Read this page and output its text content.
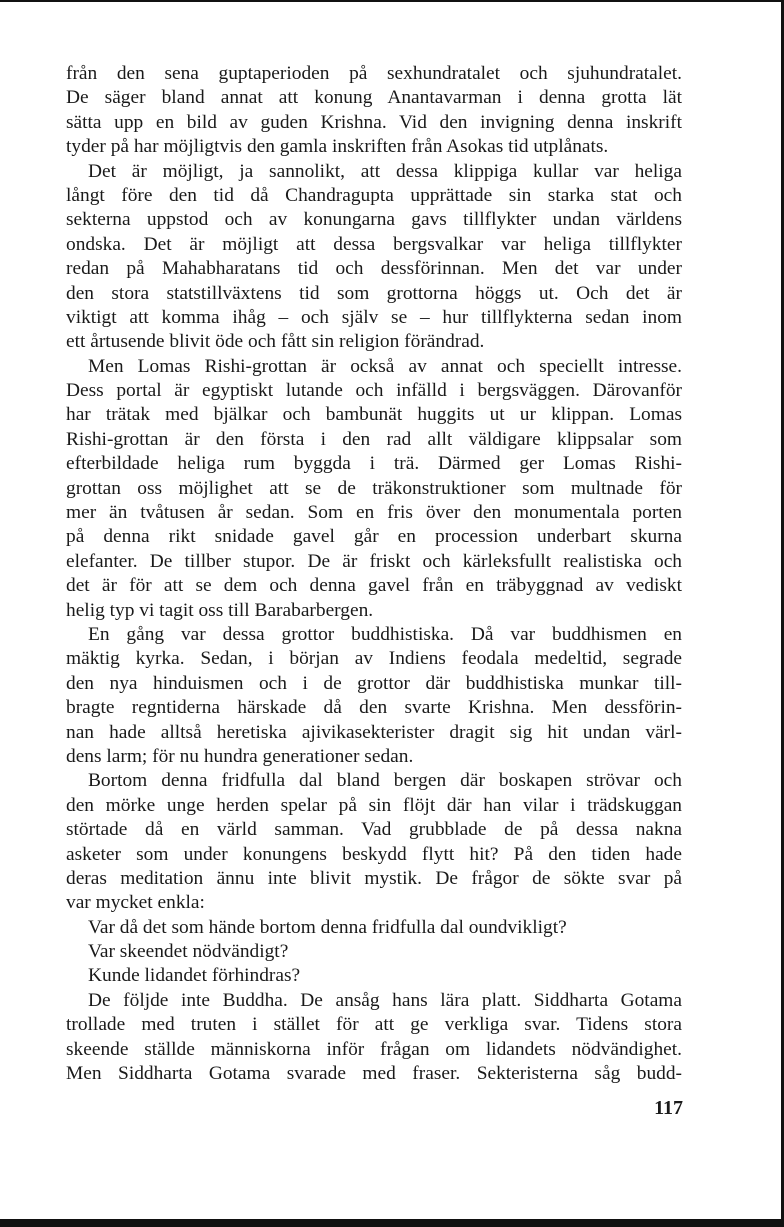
från den sena guptaperioden på sexhundratalet och sjuhundratalet.
De säger bland annat att konung Anantavarman i denna grotta lät
sätta upp en bild av guden Krishna. Vid den invigning denna inskrift
tyder på har möjligtvis den gamla inskriften från Asokas tid utplånats.
Det är möjligt, ja sannolikt, att dessa klippiga kullar var heliga
långt före den tid då Chandragupta upprättade sin starka stat och
sekterna uppstod och av konungarna gavs tillflykter undan världens
ondska. Det är möjligt att dessa bergsvalkar var heliga tillflykter
redan på Mahabharatans tid och dessförinnan. Men det var under
den stora statstillväxtens tid som grottorna höggs ut. Och det är
viktigt att komma ihåg – och själv se – hur tillflykterna sedan inom
ett årtusende blivit öde och fått sin religion förändrad.
Men Lomas Rishi-grottan är också av annat och speciellt intresse.
Dess portal är egyptiskt lutande och infälld i bergsväggen. Därovanför
har trätak med bjälkar och bambunät huggits ut ur klippan. Lomas
Rishi-grottan är den första i den rad allt väldigare klippsalar som
efterbildade heliga rum byggda i trä. Därmed ger Lomas Rishi-
grottan oss möjlighet att se de träkonstruktioner som multnade för
mer än tvåtusen år sedan. Som en fris över den monumentala porten
på denna rikt snidade gavel går en procession underbart skurna
elefanter. De tillber stupor. De är friskt och kärleksfullt realistiska och
det är för att se dem och denna gavel från en träbyggnad av vediskt
helig typ vi tagit oss till Barabarbergen.
En gång var dessa grottor buddhistiska. Då var buddhismen en
mäktig kyrka. Sedan, i början av Indiens feodala medeltid, segrade
den nya hinduismen och i de grottor där buddhistiska munkar till-
bragte regntiderna härskade då den svarte Krishna. Men dessförin-
nan hade alltså heretiska ajivikasekterister dragit sig hit undan värl-
dens larm; för nu hundra generationer sedan.
Bortom denna fridfulla dal bland bergen där boskapen strövar och
den mörke unge herden spelar på sin flöjt där han vilar i trädskuggan
störtade då en värld samman. Vad grubblade de på dessa nakna
asketer som under konungens beskydd flytt hit? På den tiden hade
deras meditation ännu inte blivit mystik. De frågor de sökte svar på
var mycket enkla:
Var då det som hände bortom denna fridfulla dal oundvikligt?
Var skeendet nödvändigt?
Kunde lidandet förhindras?
De följde inte Buddha. De ansåg hans lära platt. Siddharta Gotama
trollade med truten i stället för att ge verkliga svar. Tidens stora
skeende ställde människorna inför frågan om lidandets nödvändighet.
Men Siddharta Gotama svarade med fraser. Sekteristerna såg budd-
117
